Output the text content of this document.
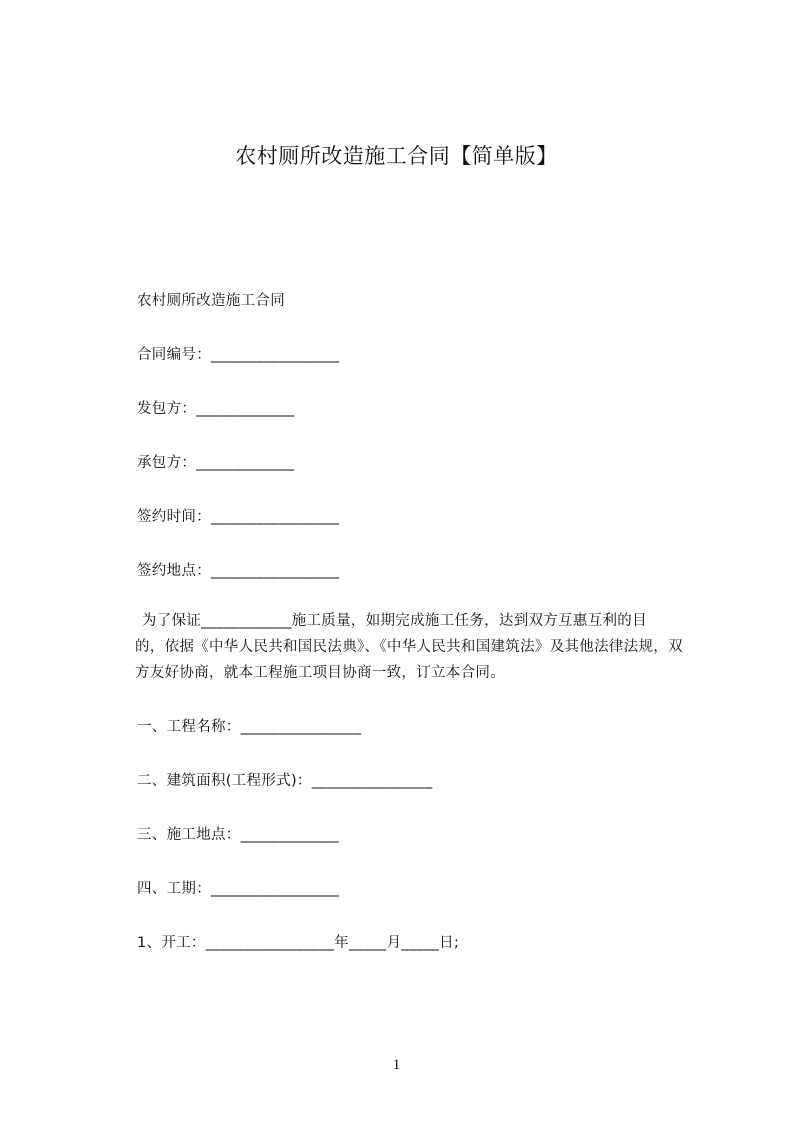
农村厕所改造施工合同【简单版】
农村厕所改造施工合同
合同编号：_________________
发包方：_____________
承包方：_____________
签约时间：_________________
签约地点：_________________
为了保证____________施工质量，如期完成施工任务，达到双方互惠互利的目
的，依据《中华人民共和国民法典》、《中华人民共和国建筑法》及其他法律法规，双
方友好协商，就本工程施工项目协商一致，订立本合同。
一、工程名称：________________
二、建筑面积(工程形式)：________________
三、施工地点：_____________
四、工期：_________________
1、开工：_________________年_____月_____日;
1
